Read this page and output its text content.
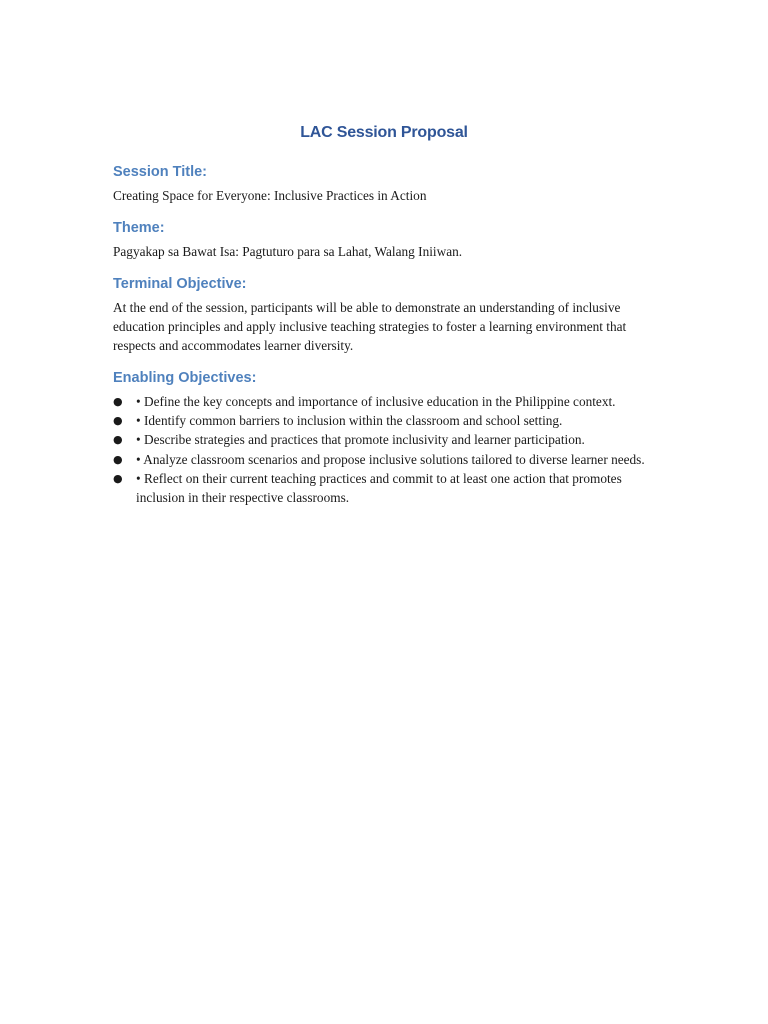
LAC Session Proposal
Session Title:

Creating Space for Everyone: Inclusive Practices in Action

Theme:

Pagyakap sa Bawat Isa: Pagtuturo para sa Lahat, Walang Iniiwan.

Terminal Objective:

At the end of the session, participants will be able to demonstrate an understanding of inclusive education principles and apply inclusive teaching strategies to foster a learning environment that respects and accommodates learner diversity.

Enabling Objectives:
● • Define the key concepts and importance of inclusive education in the Philippine context.
● • Identify common barriers to inclusion within the classroom and school setting.
● • Describe strategies and practices that promote inclusivity and learner participation.
● • Analyze classroom scenarios and propose inclusive solutions tailored to diverse learner needs.
● • Reflect on their current teaching practices and commit to at least one action that promotes inclusion in their respective classrooms.
